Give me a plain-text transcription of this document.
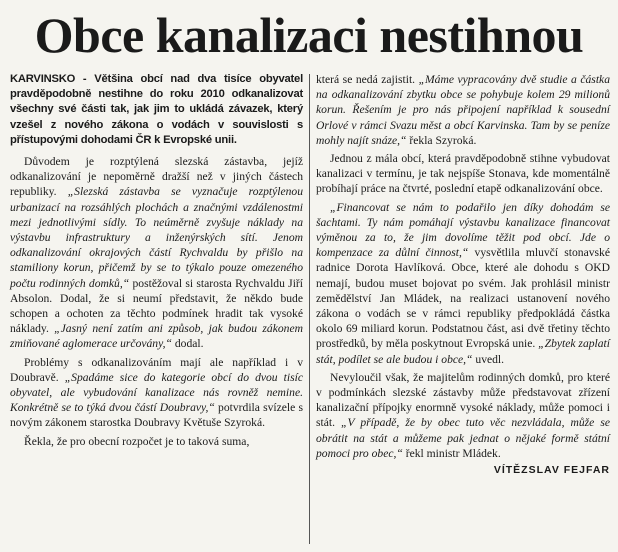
Obce kanalizaci nestihnou

KARVINSKO - Většina obcí nad dva tisíce obyvatel pravděpodobně nestihne do roku 2010 odkanalizovat všechny své části tak, jak jim to ukládá závazek, který vzešel z nového zákona o vodách v souvislosti s přístupovými dohodami ČR k Evropské unii.

Důvodem je rozptýlená slezská zástavba, jejíž odkanalizování je nepoměrně dražší než v jiných částech republiky. „Slezská zástavba se vyznačuje rozptýlenou urbanizací na rozsáhlých plochách a značnými vzdálenostmi mezi jednotlivými sídly. To neúměrně zvyšuje náklady na výstavbu infrastruktury a inženýrských sítí. Jenom odkanalizování okrajových částí Rychvaldu by přišlo na stamiliony korun, přičemž by se to týkalo pouze omezeného počtu rodinných domků,“ postěžoval si starosta Rychvaldu Jiří Absolon. Dodal, že si neumí představit, že někdo bude schopen a ochoten za těchto podmínek hradit tak vysoké náklady. „Jasný není zatím ani způsob, jak budou zákonem zmiňované aglomerace určovány,“ dodal.

Problémy s odkanalizováním mají ale například i v Doubravě. „Spadáme sice do kategorie obcí do dvou tisíc obyvatel, ale vybudování kanalizace nás rovněž nemine. Konkrétně se to týká dvou částí Doubravy,“ potvrdila svízele s novým zákonem starostka Doubravy Květuše Szyroká.

Řekla, že pro obecní rozpočet je to taková suma,

která se nedá zajistit. „Máme vypracovány dvě studie a částka na odkanalizování zbytku obce se pohybuje kolem 29 milionů korun. Řešením je pro nás připojení například k sousední Orlové v rámci Svazu měst a obcí Karvinska. Tam by se peníze mohly najít snáze,“ řekla Szyroká.

Jednou z mála obcí, která pravděpodobně stihne vybudovat kanalizaci v termínu, je tak nejspíše Stonava, kde momentálně probíhají práce na čtvrté, poslední etapě odkanalizování obce.

„Financovat se nám to podařilo jen díky dohodám se šachtami. Ty nám pomáhají výstavbu kanalizace financovat výměnou za to, že jim dovolíme těžit pod obcí. Jde o kompenzace za důlní činnost,“ vysvětlila mluvčí stonavské radnice Dorota Havlíková. Obce, které ale dohodu s OKD nemají, budou muset bojovat po svém. Jak prohlásil ministr zemědělství Jan Mládek, na realizaci ustanovení nového zákona o vodách se v rámci republiky předpokládá částka okolo 69 miliard korun. Podstatnou část, asi dvě třetiny těchto prostředků, by měla poskytnout Evropská unie. „Zbytek zaplatí stát, podílet se ale budou i obce,“ uvedl.

Nevyloučil však, že majitelům rodinných domků, pro které v podmínkách slezské zástavby může představovat zřízení kanalizační přípojky enormně vysoké náklady, může pomoci i stát. „V případě, že by obec tuto věc nezvládala, může se obrátit na stát a můžeme pak jednat o nějaké formě státní pomoci pro obec,“ řekl ministr Mládek.

VÍTĚZSLAV FEJFAR
